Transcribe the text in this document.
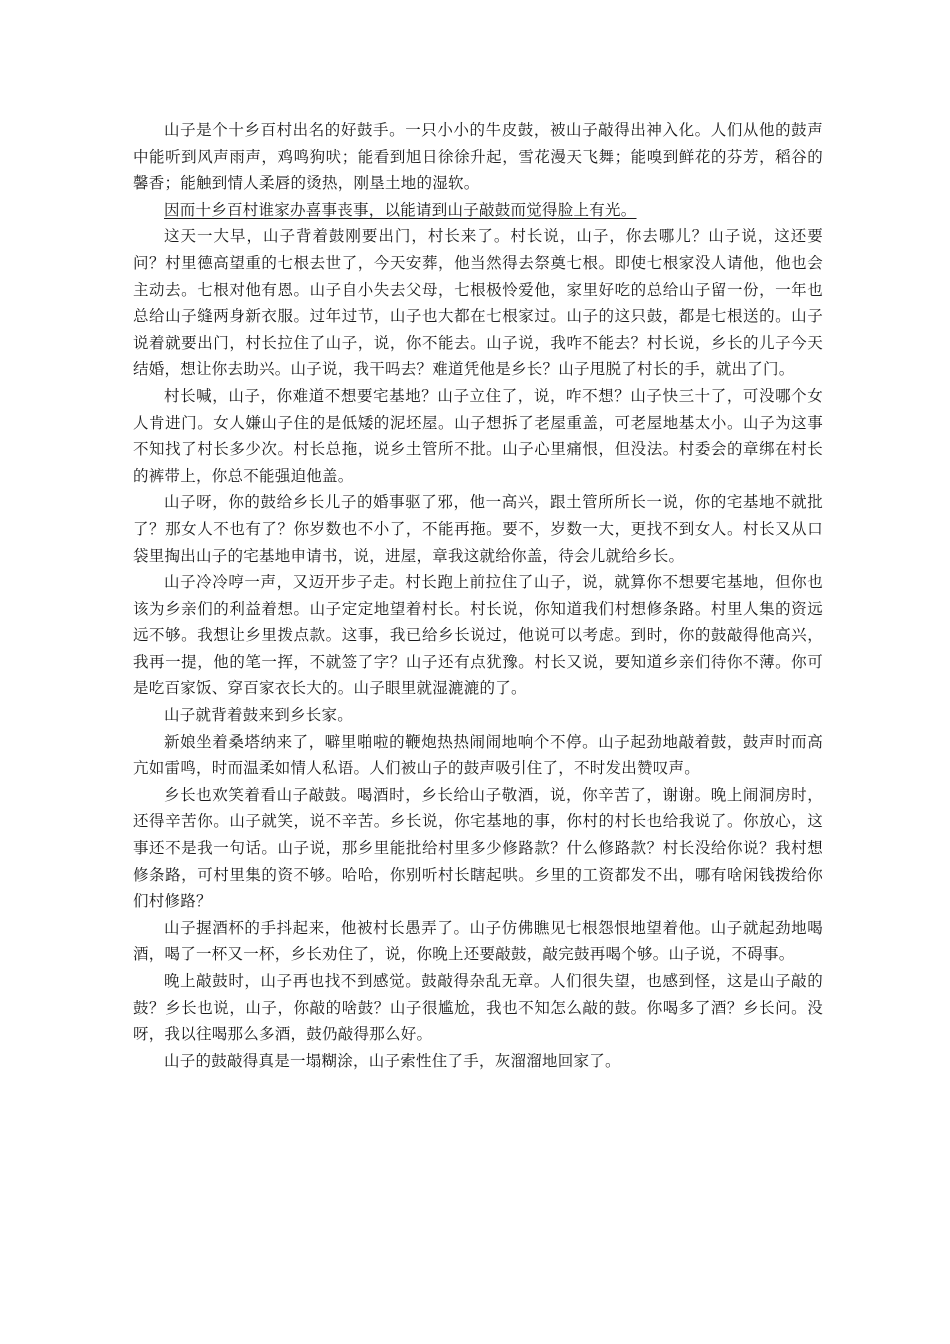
山子是个十乡百村出名的好鼓手。一只小小的牛皮鼓，被山子敲得出神入化。人们从他的鼓声中能听到风声雨声，鸡鸣狗吠；能看到旭日徐徐升起，雪花漫天飞舞；能嗅到鲜花的芬芳，稻谷的馨香；能触到情人柔唇的烫热，刚垦土地的湿软。

因而十乡百村谁家办喜事丧事，以能请到山子敲鼓而觉得脸上有光。

这天一大早，山子背着鼓刚要出门，村长来了。村长说，山子，你去哪儿？山子说，这还要问？村里德高望重的七根去世了，今天安葬，他当然得去祭奠七根。即使七根家没人请他，他也会主动去。七根对他有恩。山子自小失去父母，七根极怜爱他，家里好吃的总给山子留一份，一年也总给山子缝两身新衣服。过年过节，山子也大都在七根家过。山子的这只鼓，都是七根送的。山子说着就要出门，村长拉住了山子，说，你不能去。山子说，我咋不能去？村长说，乡长的儿子今天结婚，想让你去助兴。山子说，我干吗去？难道凭他是乡长？山子甩脱了村长的手，就出了门。

村长喊，山子，你难道不想要宅基地？山子立住了，说，咋不想？山子快三十了，可没哪个女人肯进门。女人嫌山子住的是低矮的泥坯屋。山子想拆了老屋重盖，可老屋地基太小。山子为这事不知找了村长多少次。村长总拖，说乡土管所不批。山子心里痛恨，但没法。村委会的章绑在村长的裤带上，你总不能强迫他盖。

山子呀，你的鼓给乡长儿子的婚事驱了邪，他一高兴，跟土管所所长一说，你的宅基地不就批了？那女人不也有了？你岁数也不小了，不能再拖。要不，岁数一大，更找不到女人。村长又从口袋里掏出山子的宅基地申请书，说，进屋，章我这就给你盖，待会儿就给乡长。

山子冷冷哼一声，又迈开步子走。村长跑上前拉住了山子，说，就算你不想要宅基地，但你也该为乡亲们的利益着想。山子定定地望着村长。村长说，你知道我们村想修条路。村里人集的资远远不够。我想让乡里拨点款。这事，我已给乡长说过，他说可以考虑。到时，你的鼓敲得他高兴，我再一提，他的笔一挥，不就签了字？山子还有点犹豫。村长又说，要知道乡亲们待你不薄。你可是吃百家饭、穿百家衣长大的。山子眼里就湿漉漉的了。

山子就背着鼓来到乡长家。

新娘坐着桑塔纳来了，噼里啪啦的鞭炮热热闹闹地响个不停。山子起劲地敲着鼓，鼓声时而高亢如雷鸣，时而温柔如情人私语。人们被山子的鼓声吸引住了，不时发出赞叹声。

乡长也欢笑着看山子敲鼓。喝酒时，乡长给山子敬酒，说，你辛苦了，谢谢。晚上闹洞房时，还得辛苦你。山子就笑，说不辛苦。乡长说，你宅基地的事，你村的村长也给我说了。你放心，这事还不是我一句话。山子说，那乡里能批给村里多少修路款？什么修路款？村长没给你说？我村想修条路，可村里集的资不够。哈哈，你别听村长瞎起哄。乡里的工资都发不出，哪有啥闲钱拨给你们村修路？

山子握酒杯的手抖起来，他被村长愚弄了。山子仿佛瞧见七根怨恨地望着他。山子就起劲地喝酒，喝了一杯又一杯，乡长劝住了，说，你晚上还要敲鼓，敲完鼓再喝个够。山子说，不碍事。

晚上敲鼓时，山子再也找不到感觉。鼓敲得杂乱无章。人们很失望，也感到怪，这是山子敲的鼓？乡长也说，山子，你敲的啥鼓？山子很尴尬，我也不知怎么敲的鼓。你喝多了酒？乡长问。没呀，我以往喝那么多酒，鼓仍敲得那么好。

山子的鼓敲得真是一塌糊涂，山子索性住了手，灰溜溜地回家了。
